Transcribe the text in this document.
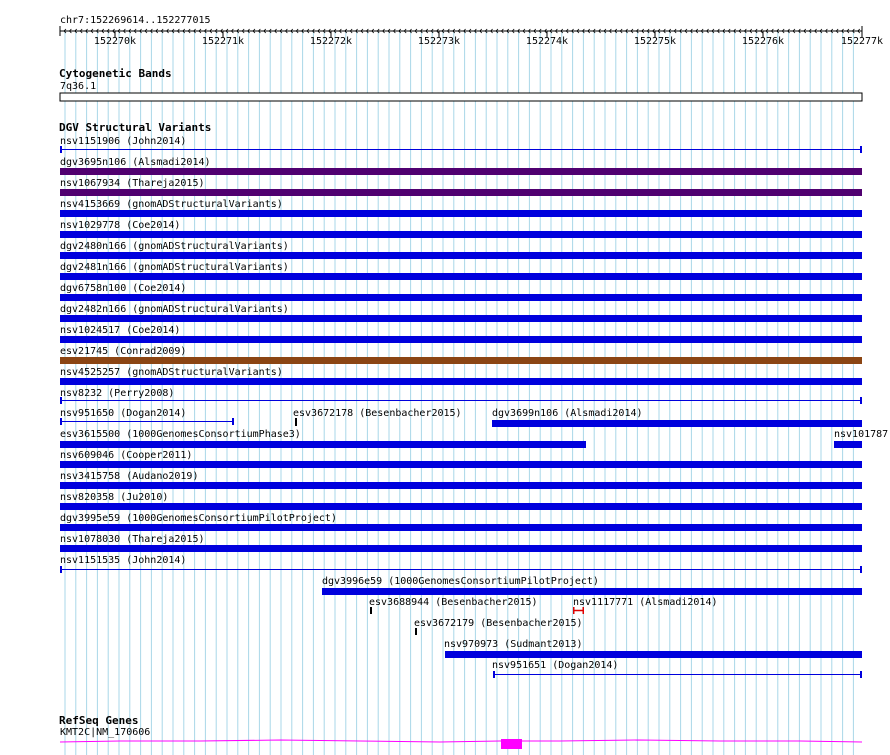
152270k	152271k	152272k	152273k	152274k	152275k	152276k	152277k
chr7:152269614..152277015
Cytogenetic Bands
7q36.1
DGV Structural Variants
RefSeq Genes
KMT2C|NM_170606
nsv1151906 (John2014)
dgv3695n106 (Alsmadi2014)
nsv1067934 (Thareja2015)
nsv4153669 (gnomADStructuralVariants)
nsv1029778 (Coe2014)
dgv2480n166 (gnomADStructuralVariants)
dgv2481n166 (gnomADStructuralVariants)
dgv6758n100 (Coe2014)
dgv2482n166 (gnomADStructuralVariants)
nsv1024517 (Coe2014)
esv21745 (Conrad2009)
nsv4525257 (gnomADStructuralVariants)
nsv8232 (Perry2008)
nsv951650 (Dogan2014)	esv3672178 (Besenbacher2015)	dgv3699n106 (Alsmadi2014)
esv3615500 (1000GenomesConsortiumPhase3)	nsv101787
nsv609046 (Cooper2011)
nsv3415758 (Audano2019)
nsv820358 (Ju2010)
dgv3995e59 (1000GenomesConsortiumPilotProject)
nsv1078030 (Thareja2015)
nsv1151535 (John2014)
dgv3996e59 (1000GenomesConsortiumPilotProject)
esv3688944 (Besenbacher2015)	nsv1117771 (Alsmadi2014)
esv3672179 (Besenbacher2015)
nsv970973 (Sudmant2013)
nsv951651 (Dogan2014)
